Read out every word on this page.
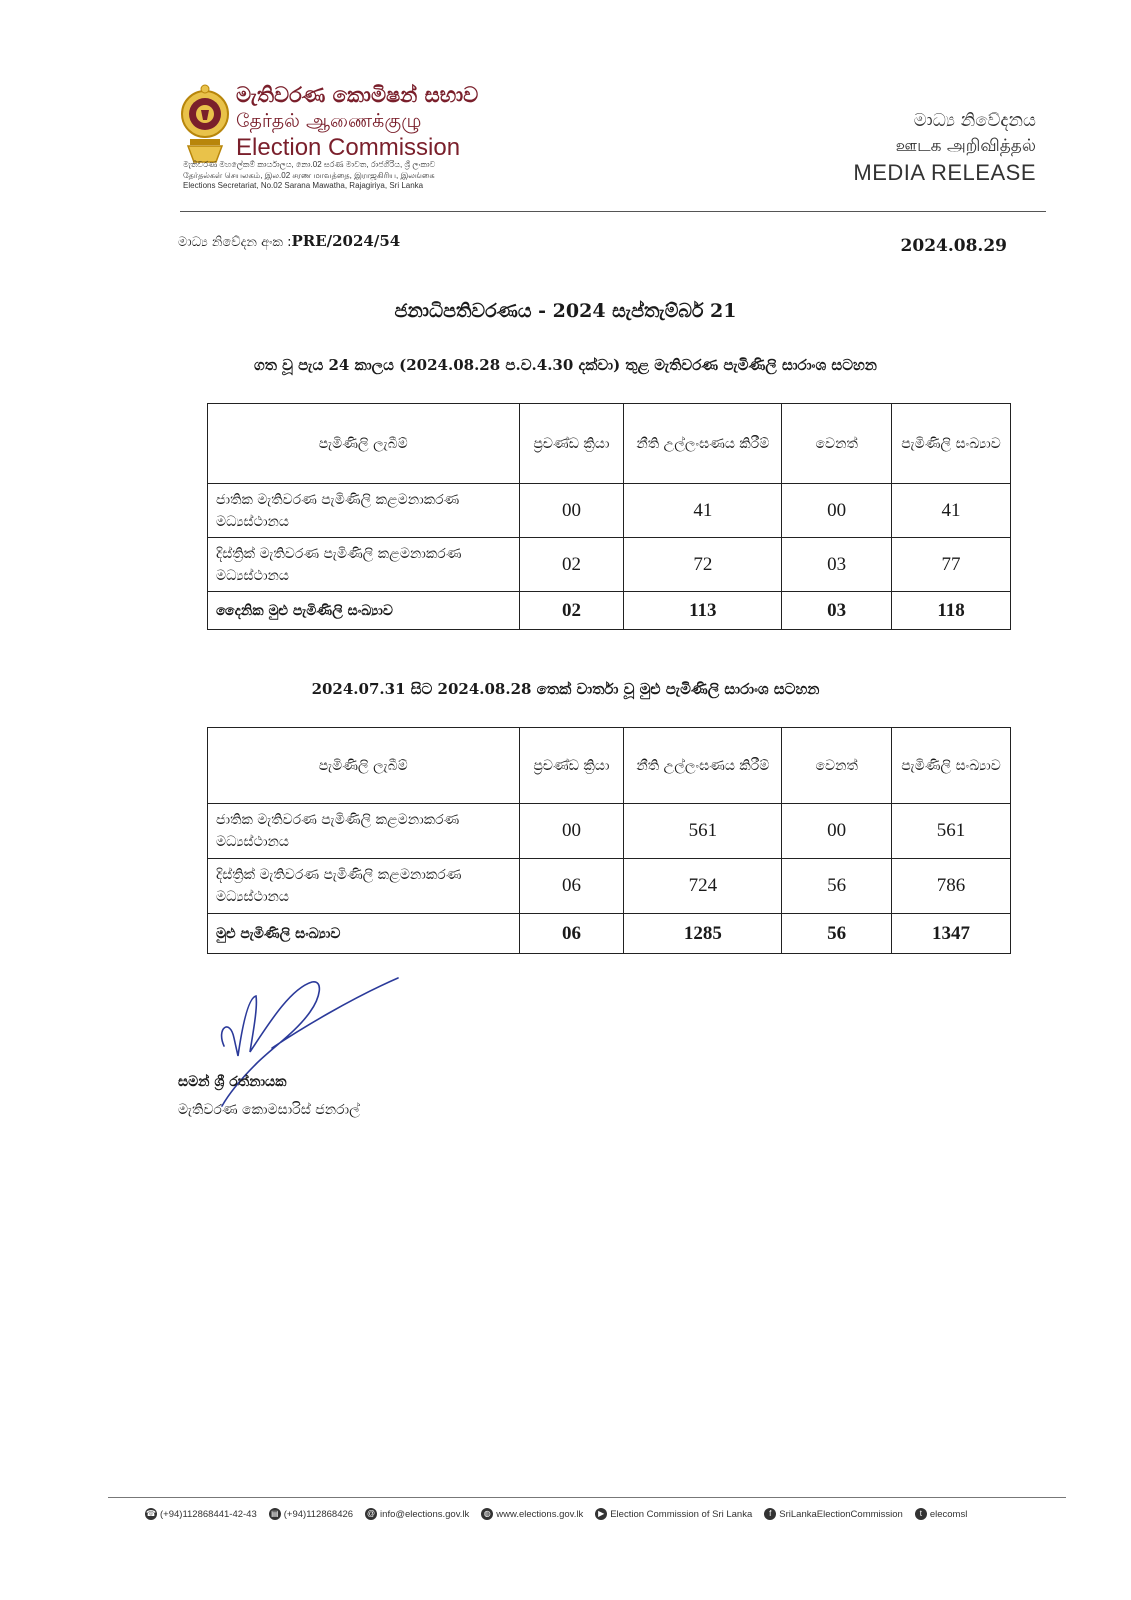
මැතිවරණ කොමිෂන් සභාව
தேர்தல் ஆணைக்குழு
Election Commission
මැතිවරණ මහලේකම් කාර්යාලය, නො.02 සරණ මාවත, රාජගිරිය, ශ්‍රී ලංකාව
தேர்தல்கள் செயலகம், இல.02 சரண மாவத்தை, இராஜகிரிய, இலங்கை
Elections Secretariat, No.02 Sarana Mawatha, Rajagiriya, Sri Lanka
මාධ්‍ය නිවේදනය
ஊடக அறிவித்தல்
MEDIA RELEASE
මාධ්‍ය නිවේදන අංක :PRE/2024/54	2024.08.29
ජනාධිපතිවරණය - 2024 සැප්තැම්බර් 21
ගත වූ පැය 24 කාලය (2024.08.28 ප.ව.4.30 දක්වා) තුළ මැතිවරණ පැමිණිලි සාරාංශ සටහන
පැමිණිලි ලැබීම්	ප්‍රචණ්ඩ ක්‍රියා	නීති උල්ලංඝණය කිරීම්	වෙනත්	පැමිණිලි සංඛ්‍යාව
ජාතික මැතිවරණ පැමිණිලි කළමනාකරණ මධ්‍යස්ථානය	00	41	00	41
දිස්ත්‍රික් මැතිවරණ පැමිණිලි කළමනාකරණ මධ්‍යස්ථානය	02	72	03	77
දෛනික මුළු පැමිණිලි සංඛ්‍යාව	02	113	03	118
2024.07.31 සිට 2024.08.28 තෙක් වාර්තා වූ මුළු පැමිණිලි සාරාංශ සටහන
පැමිණිලි ලැබීම්	ප්‍රචණ්ඩ ක්‍රියා	නීති උල්ලංඝණය කිරීම්	වෙනත්	පැමිණිලි සංඛ්‍යාව
ජාතික මැතිවරණ පැමිණිලි කළමනාකරණ මධ්‍යස්ථානය	00	561	00	561
දිස්ත්‍රික් මැතිවරණ පැමිණිලි කළමනාකරණ මධ්‍යස්ථානය	06	724	56	786
මුළු පැමිණිලි සංඛ්‍යාව	06	1285	56	1347
සමන් ශ්‍රී රත්නායක
මැතිවරණ කොමසාරිස් ජනරාල්
☎ (+94)112868441-42-43 ▤ (+94)112868426 @ info@elections.gov.lk	◍ www.elections.gov.lk	▶ Election Commission of Sri Lanka	f SriLankaElectionCommission	t elecomsl
